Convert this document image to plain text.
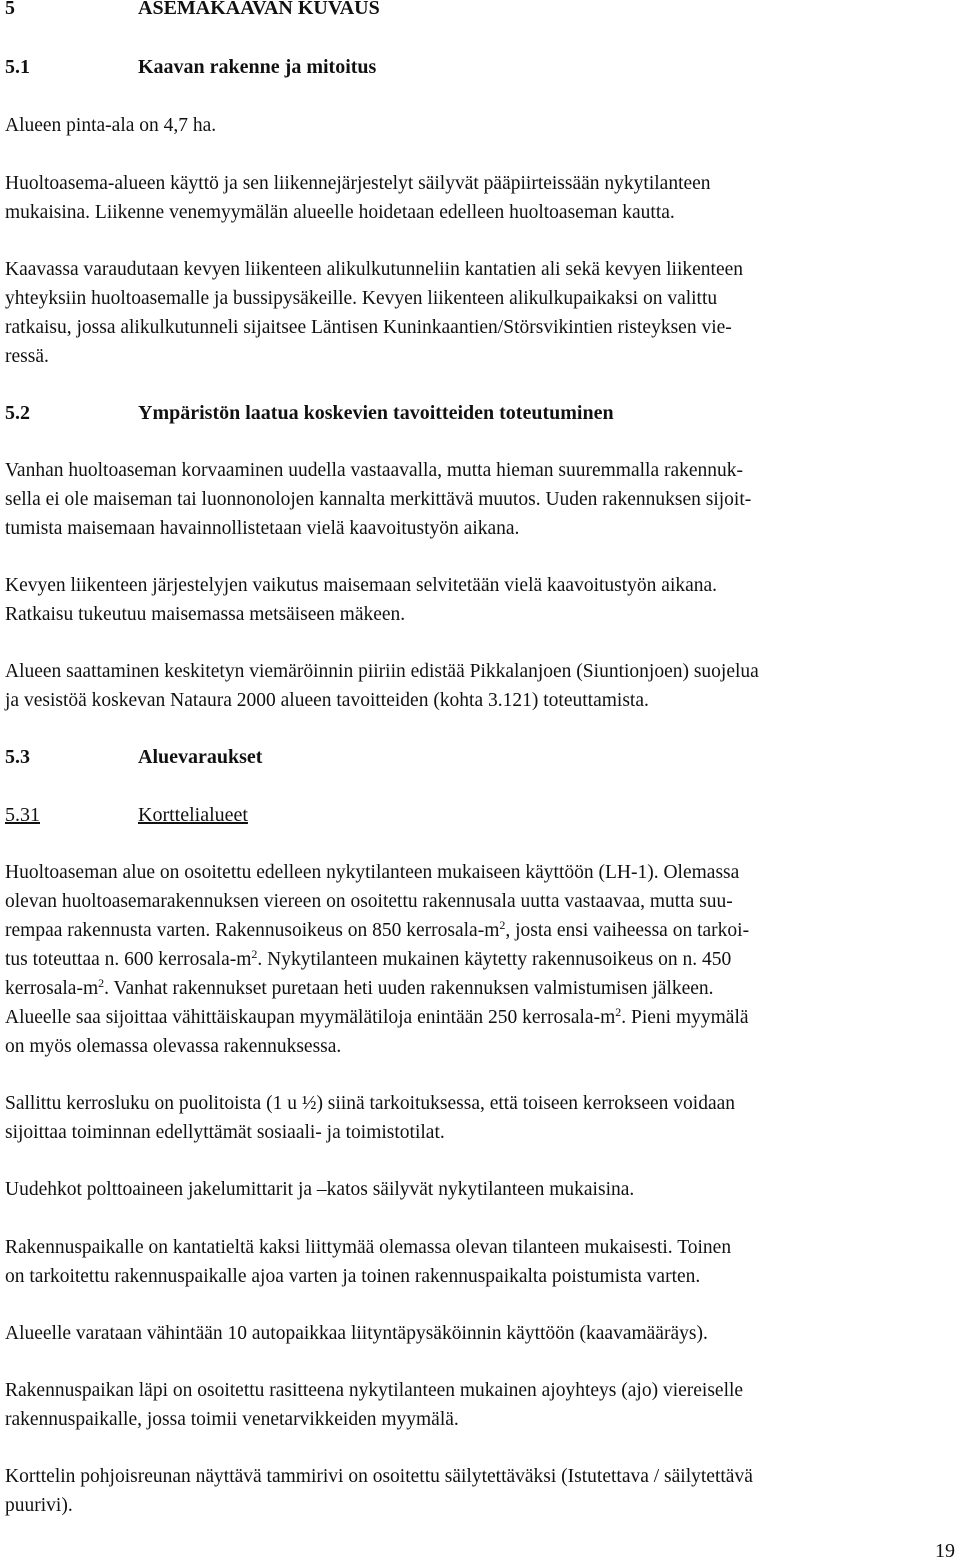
5	ASEMAKAAVAN KUVAUS
5.1	Kaavan rakenne ja mitoitus
Alueen pinta-ala on 4,7 ha.
Huoltoasema-alueen käyttö ja sen liikennejärjestelyt säilyvät pääpiirteissään nykytilanteen
mukaisina. Liikenne venemyymälän alueelle hoidetaan edelleen huoltoaseman kautta.
Kaavassa varaudutaan kevyen liikenteen alikulkutunneliin kantatien ali sekä kevyen liikenteen
yhteyksiin huoltoasemalle ja bussipysäkeille. Kevyen liikenteen alikulkupaikaksi on valittu
ratkaisu, jossa alikulkutunneli sijaitsee Läntisen Kuninkaantien/Störsvikintien risteyksen vie-
ressä.
5.2	Ympäristön laatua koskevien tavoitteiden toteutuminen
Vanhan huoltoaseman korvaaminen uudella vastaavalla, mutta hieman suuremmalla rakennuk-
sella ei ole maiseman tai luonnonolojen kannalta merkittävä muutos. Uuden rakennuksen sijoit-
tumista maisemaan havainnollistetaan vielä kaavoitustyön aikana.
Kevyen liikenteen järjestelyjen vaikutus maisemaan selvitetään vielä kaavoitustyön aikana.
Ratkaisu tukeutuu maisemassa metsäiseen mäkeen.
Alueen saattaminen keskitetyn viemäröinnin piiriin edistää Pikkalanjoen (Siuntionjoen) suojelua
ja vesistöä koskevan Nataura 2000 alueen tavoitteiden (kohta 3.121) toteuttamista.
5.3	Aluevaraukset
5.31	Korttelialueet
Huoltoaseman alue on osoitettu edelleen nykytilanteen mukaiseen käyttöön (LH-1). Olemassa
olevan huoltoasemarakennuksen viereen on osoitettu rakennusala uutta vastaavaa, mutta suu-
rempaa rakennusta varten. Rakennusoikeus on 850 kerrosala-$m^2$, josta ensi vaiheessa on tarkoi-
tus toteuttaa n. 600 kerrosala-$m^2$. Nykytilanteen mukainen käytetty rakennusoikeus on n. 450
kerrosala-$m^2$. Vanhat rakennukset puretaan heti uuden rakennuksen valmistumisen jälkeen.
Alueelle saa sijoittaa vähittäiskaupan myymälätiloja enintään 250 kerrosala-$m^2$. Pieni myymälä
on myös olemassa olevassa rakennuksessa.
Sallittu kerrosluku on puolitoista (1 u ½) siinä tarkoituksessa, että toiseen kerrokseen voidaan
sijoittaa toiminnan edellyttämät sosiaali- ja toimistotilat.
Uudehkot polttoaineen jakelumittarit ja –katos säilyvät nykytilanteen mukaisina.
Rakennuspaikalle on kantatieltä kaksi liittymää olemassa olevan tilanteen mukaisesti. Toinen
on tarkoitettu rakennuspaikalle ajoa varten ja toinen rakennuspaikalta poistumista varten.
Alueelle varataan vähintään 10 autopaikkaa liityntäpysäköinnin käyttöön (kaavamääräys).
Rakennuspaikan läpi on osoitettu rasitteena nykytilanteen mukainen ajoyhteys (ajo) viereiselle
rakennuspaikalle, jossa toimii venetarvikkeiden myymälä.
Korttelin pohjoisreunan näyttävä tammirivi on osoitettu säilytettäväksi (Istutettava / säilytettävä
puurivi).
19
